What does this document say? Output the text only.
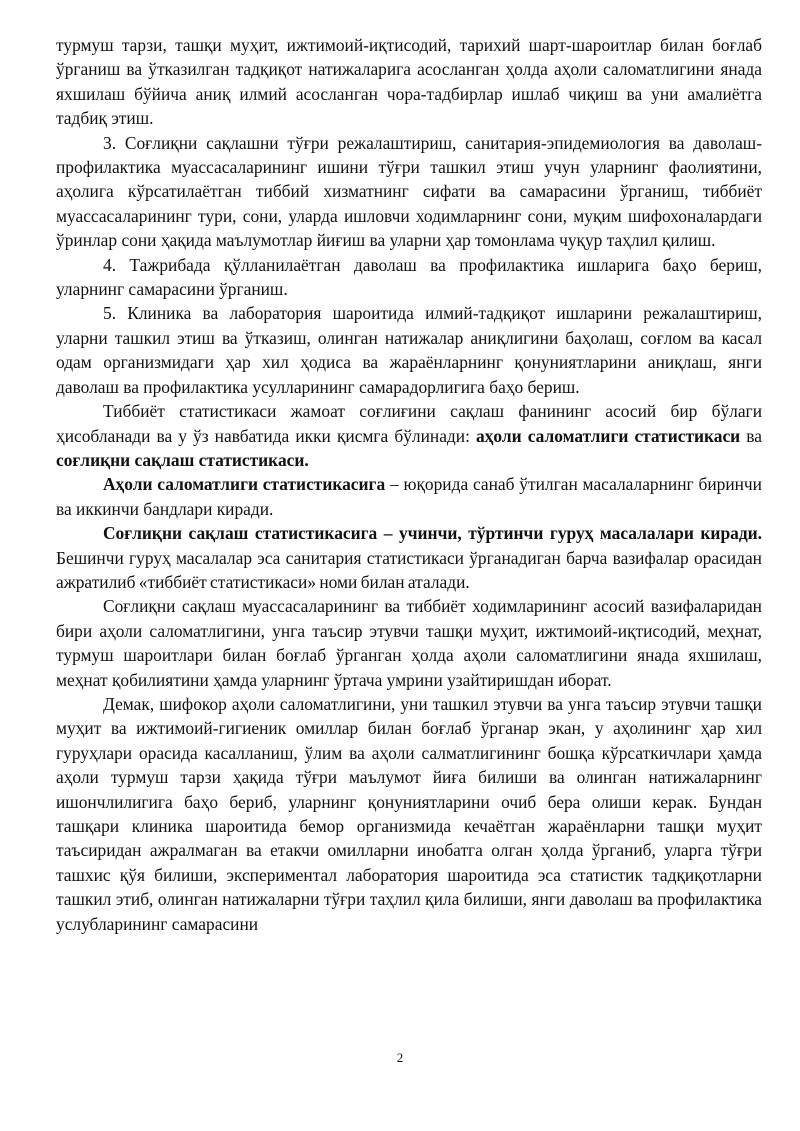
турмуш тарзи, ташқи муҳит, ижтимоий-иқтисодий, тарихий шарт-шароитлар билан боғлаб ўрганиш ва ўтказилган тадқиқот натижаларига асосланган ҳолда аҳоли саломатлигини янада яхшилаш бўйича аниқ илмий асосланган чора-тадбирлар ишлаб чиқиш ва уни амалиётга тадбиқ этиш.

3. Соғлиқни сақлашни тўғри режалаштириш, санитария-эпидемиология ва даволаш-профилактика муассасаларининг ишини тўғри ташкил этиш учун уларнинг фаолиятини, аҳолига кўрсатилаётган тиббий хизматнинг сифати ва самарасини ўрганиш, тиббиёт муассасаларининг тури, сони, уларда ишловчи ходимларнинг сони, муқим шифохоналардаги ўринлар сони ҳақида маълумотлар йиғиш ва уларни ҳар томонлама чуқур таҳлил қилиш.

4. Тажрибада қўлланилаётган даволаш ва профилактика ишларига баҳо бериш, уларнинг самарасини ўрганиш.

5. Клиника ва лаборатория шароитида илмий-тадқиқот ишларини режалаштириш, уларни ташкил этиш ва ўтказиш, олинган натижалар аниқлигини баҳолаш, соғлом ва касал одам организмидаги ҳар хил ҳодиса ва жараёнларнинг қонуниятларини аниқлаш, янги даволаш ва профилактика усулларининг самарадорлигига баҳо бериш.

Тиббиёт статистикаси жамоат соғлиғини сақлаш фанининг асосий бир бўлаги ҳисобланади ва у ўз навбатида икки қисмга бўлинади: аҳоли саломатлиги статистикаси ва соғлиқни сақлаш статистикаси.

Аҳоли саломатлиги статистикасига – юқорида санаб ўтилган масалаларнинг биринчи ва иккинчи бандлари киради.

Соғлиқни сақлаш статистикасига – учинчи, тўртинчи гуруҳ масалалари киради. Бешинчи гуруҳ масалалар эса санитария статистикаси ўрганадиган барча вазифалар орасидан ажратилиб «тиббиёт статистикаси» номи билан аталади.

Соғлиқни сақлаш муассасаларининг ва тиббиёт ходимларининг асосий вазифаларидан бири аҳоли саломатлигини, унга таъсир этувчи ташқи муҳит, ижтимоий-иқтисодий, меҳнат, турмуш шароитлари билан боғлаб ўрганган ҳолда аҳоли саломатлигини янада яхшилаш, меҳнат қобилиятини ҳамда уларнинг ўртача умрини узайтиришдан иборат.

Демак, шифокор аҳоли саломатлигини, уни ташкил этувчи ва унга таъсир этувчи ташқи муҳит ва ижтимоий-гигиеник омиллар билан боғлаб ўрганар экан, у аҳолининг ҳар хил гуруҳлари орасида касалланиш, ўлим ва аҳоли салматлигининг бошқа кўрсаткичлари ҳамда аҳоли турмуш тарзи ҳақида тўғри маълумот йиға билиши ва олинган натижаларнинг ишончлилигига баҳо бериб, уларнинг қонуниятларини очиб бера олиши керак. Бундан ташқари клиника шароитида бемор организмида кечаётган жараёнларни ташқи муҳит таъсиридан ажралмаган ва етакчи омилларни инобатга олган ҳолда ўрганиб, уларга тўғри ташхис қўя билиши, экспериментал лаборатория шароитида эса статистик тадқиқотларни ташкил этиб, олинган натижаларни тўғри таҳлил қила билиши, янги даволаш ва профилактика услубларининг самарасини

2
